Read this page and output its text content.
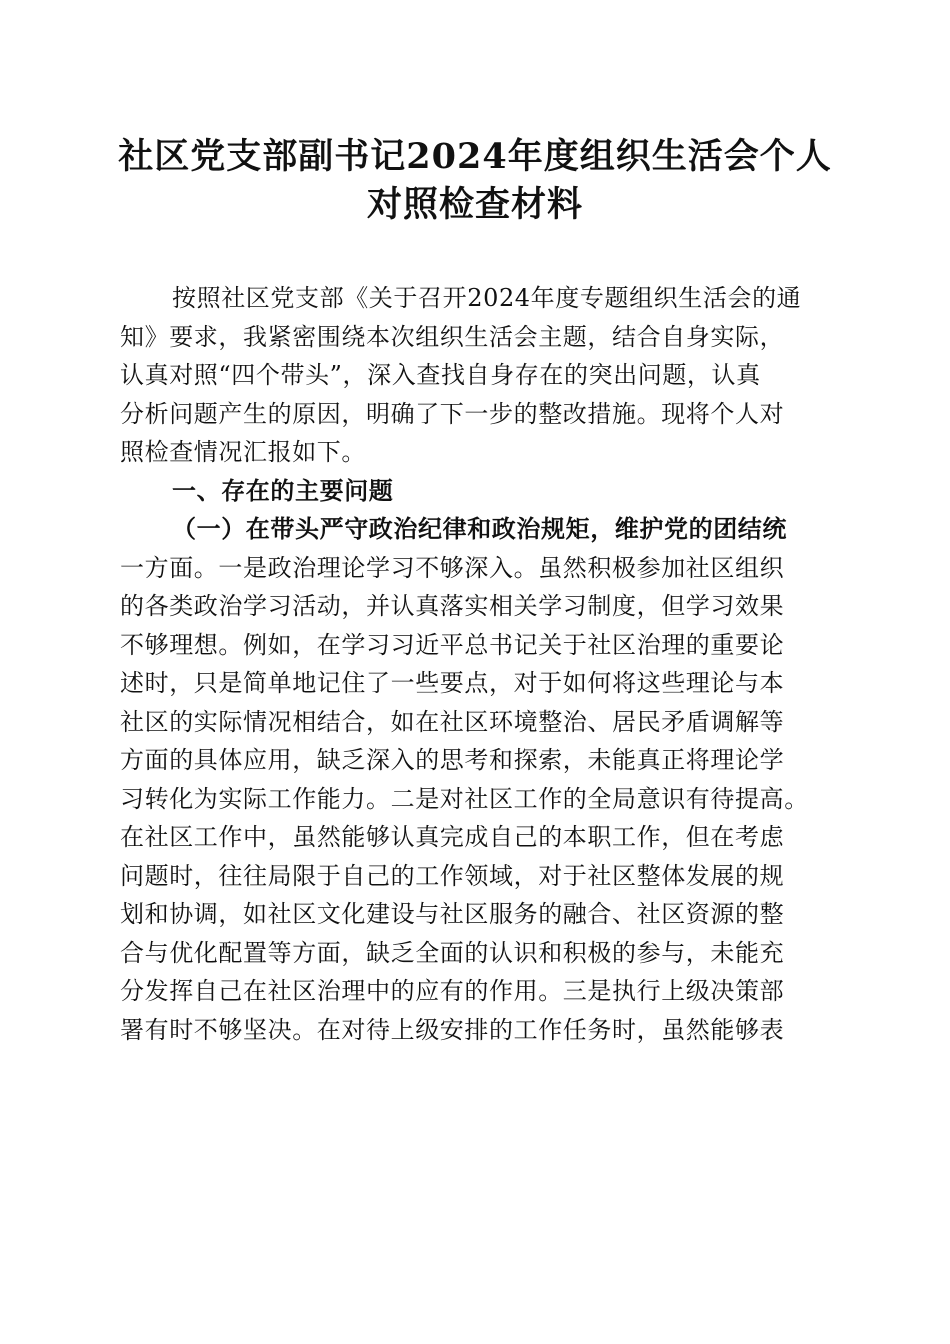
社区党支部副书记2024年度组织生活会个人
对照检查材料
按照社区党支部《关于召开2024年度专题组织生活会的通
知》要求，我紧密围绕本次组织生活会主题，结合自身实际，
认真对照“四个带头”，深入查找自身存在的突出问题，认真
分析问题产生的原因，明确了下一步的整改措施。现将个人对
照检查情况汇报如下。
一、存在的主要问题
（一）在带头严守政治纪律和政治规矩，维护党的团结统
一方面。一是政治理论学习不够深入。虽然积极参加社区组织
的各类政治学习活动，并认真落实相关学习制度，但学习效果
不够理想。例如，在学习习近平总书记关于社区治理的重要论
述时，只是简单地记住了一些要点，对于如何将这些理论与本
社区的实际情况相结合，如在社区环境整治、居民矛盾调解等
方面的具体应用，缺乏深入的思考和探索，未能真正将理论学
习转化为实际工作能力。二是对社区工作的全局意识有待提高。
在社区工作中，虽然能够认真完成自己的本职工作，但在考虑
问题时，往往局限于自己的工作领域，对于社区整体发展的规
划和协调，如社区文化建设与社区服务的融合、社区资源的整
合与优化配置等方面，缺乏全面的认识和积极的参与，未能充
分发挥自己在社区治理中的应有的作用。三是执行上级决策部
署有时不够坚决。在对待上级安排的工作任务时，虽然能够表
